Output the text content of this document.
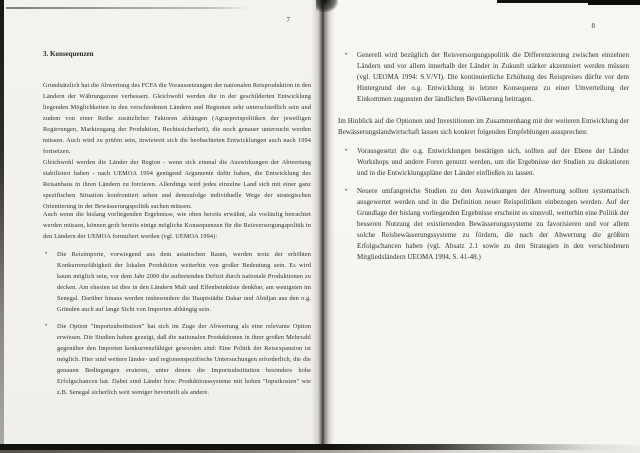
7
3. Konsequenzen

Grundsätzlich hat die Abwertung des FCFA die Voraussetzungen der nationalen Reisproduktion in den Ländern der Währungszone verbessert. Gleichwohl werden die in der geschilderten Entwicklung liegenden Möglichkeiten in den verschiedenen Ländern und Regionen sehr unterschiedlich sein und zudem von einer Reihe zusätzlicher Faktoren abhängen (Agrarpreispolitiken der jeweiligen Regierungen, Marktzugang der Produktion, Rechtssicherheit), die noch genauer untersucht werden müssen. Auch wird zu prüfen sein, inwieweit sich die beobachteten Entwicklungen auch nach 1994 fortsetzen.

Gleichwohl werden die Länder der Region - wenn sich einmal die Auswirkungen der Abwertung stabilisiert haben - nach UEMOA 1994 genügend Argumente dafür haben, die Entwicklung des Reisanbaus in ihren Ländern zu forcieren. Allerdings wird jedes einzelne Land sich mit einer ganz spezifischen Situation konfrontiert sehen und demzufolge individuelle Wege der strategischen Orientierung in der Bewässerungspolitik suchen müssen.

Auch wenn die bislang vorliegenden Ergebnisse, wie oben bereits erwähnt, als vorläufig betrachtet werden müssen, können grob bereits einige mögliche Konsequenzen für die Reisversorgungspolitik in den Ländern der UEMOA formuliert werden (vgl. UEMOA 1994):

•	Die Reisimporte, vorwiegend aus dem asiatischen Raum, werden trotz der erhöhten Konkurrenzfähigkeit der lokalen Produktion weiterhin von großer Bedeutung sein. Es wird kaum möglich sein, vor dem Jahr 2000 die auftretenden Defizit durch nationale Produktionen zu decken. Am ehesten ist dies in den Ländern Mali und Elfenbeinküste denkbar, am wenigsten im Senegal. Darüber hinaus werden insbesondere die Hauptstädte Dakar und Abidjan aus den o.g. Gründen auch auf lange Sicht von Importen abhängig sein.
•	Die Option "Importsubstitution" hat sich im Zuge der Abwertung als eine relevante Option erwiesen. Die Studien haben gezeigt, daß die nationalen Produktionen in ihrer großen Mehrzahl gegenüber den Importen konkurrenzfähiger geworden sind: Eine Politik der Reisexpansion ist möglich. Hier sind weitere länder- und regionenspezifische Untersuchungen erforderlich, die die genauen Bedingungen eruieren, unter denen die Importsubstitution besonders hohe Erfolgschancen hat. Dabei sind Länder bzw. Produktionssysteme mit hohen "Inputkosten" wie z.B. Senegal sicherlich weit weniger bevorteilt als andere.
8
•	Generell wird bezüglich der Reisversorgungspolitik die Differenzierung zwischen einzelnen Ländern und vor allem innerhalb der Länder in Zukunft stärker akzentuiert werden müssen (vgl. UEOMA 1994: S.V/VI). Die kontinuierliche Erhöhung des Reispreises dürfte vor dem Hintergrund der o.g. Entwicklung in letzter Konsequenz zu einer Umverteilung der Einkommen zugunsten der ländlichen Bevölkerung beitragen.

Im Hinblick auf die Optionen und Investitionen im Zusammenhang mit der weiteren Entwicklung der Bewässerungslandwirtschaft lassen sich konkret folgenden Empfehlungen aussprechen:

•	Vorausgesetzt die o.g. Entwicklungen bestätigen sich, sollten auf der Ebene der Länder Workshops und andere Foren genutzt werden, um die Ergebnisse der Studien zu diskutieren und in die Entwicklungspläne der Länder einfließen zu lassen.
•	Neuere umfangreiche Studien zu den Auswirkungen der Abwertung sollten systematisch ausgewertet werden und in die Definition neuer Reispolitiken einbezogen werden. Auf der Grundlage der bislang vorliegenden Ergebnisse erscheint es sinnvoll, weiterhin eine Politik der besseren Nutzung der existierenden Bewässerungssysteme zu favorisieren und vor allem solche Reisbewässerungssysteme zu fördern, die nach der Abwertung die größten Erfolgschancen haben (vgl. Absatz 2.1 sowie zu den Strategien in den verschiedenen Mitgliedsländern UEOMA 1994, S. 41-48.)
